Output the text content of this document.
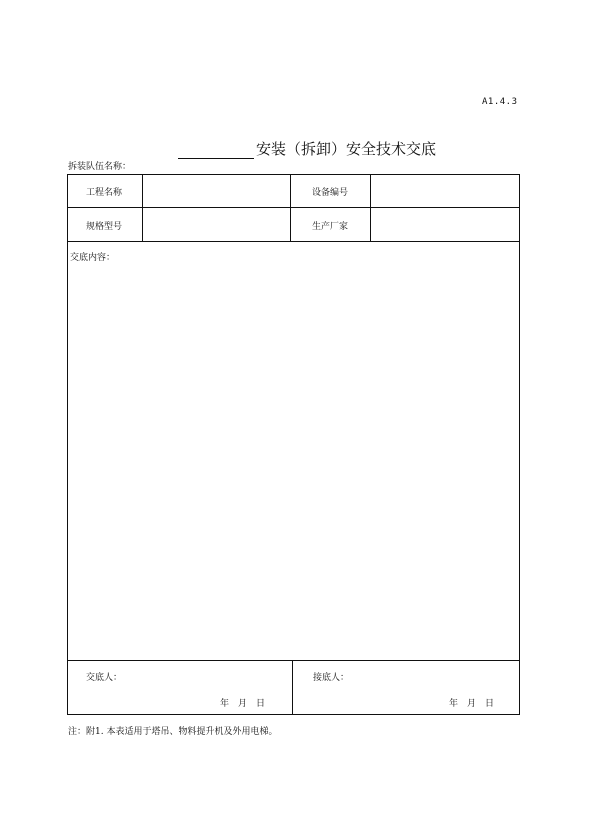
A1.4.3
安装（拆卸）安全技术交底
拆装队伍名称：
工程名称	设备编号
规格型号	生产厂家
交底内容：
交底人：
年　月　日
接底人：
年　月　日
注：附1. 本表适用于塔吊、物料提升机及外用电梯。
